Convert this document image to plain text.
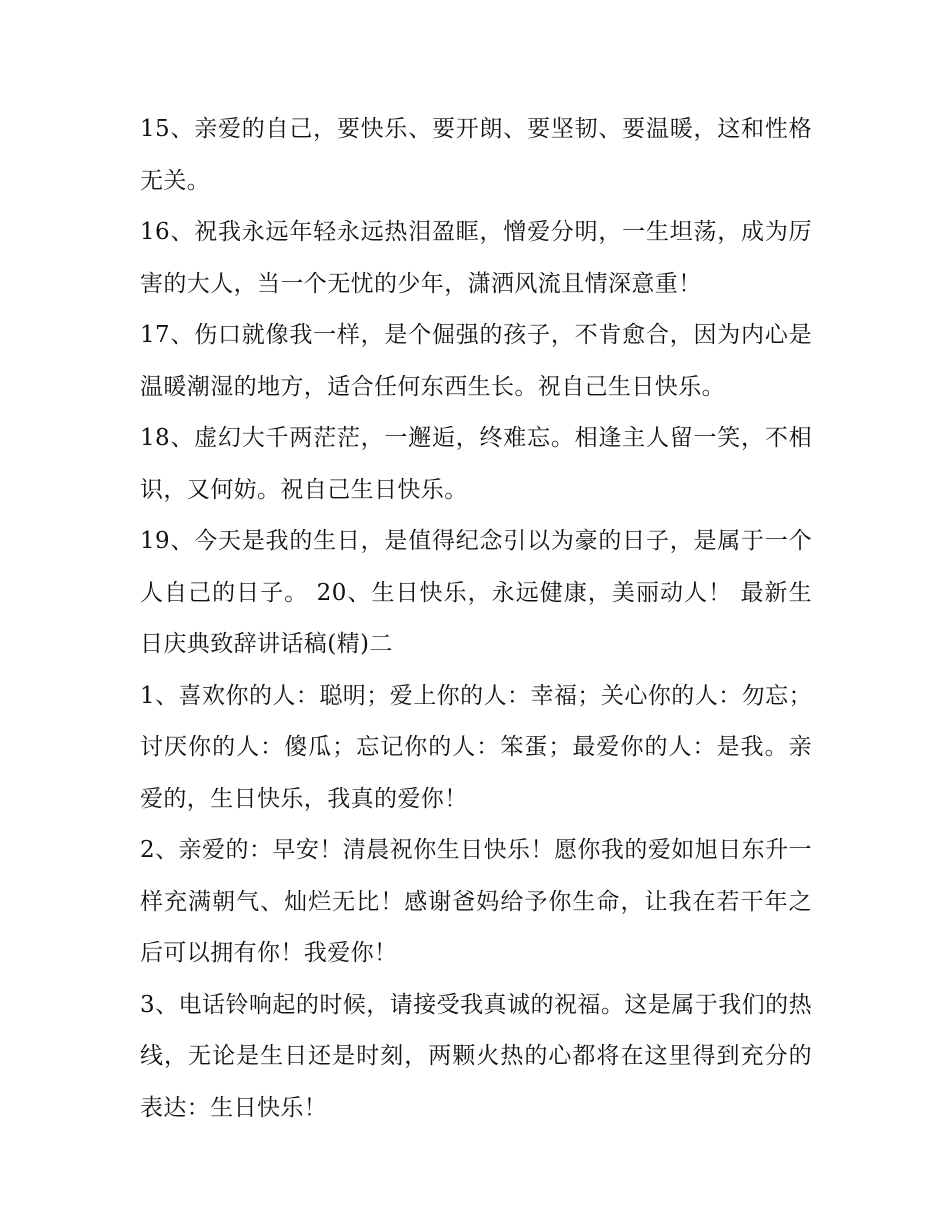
15、亲爱的自己，要快乐、要开朗、要坚韧、要温暖，这和性格无关。

16、祝我永远年轻永远热泪盈眶，憎爱分明，一生坦荡，成为厉害的大人，当一个无忧的少年，潇洒风流且情深意重！

17、伤口就像我一样，是个倔强的孩子，不肯愈合，因为内心是温暖潮湿的地方，适合任何东西生长。祝自己生日快乐。

18、虚幻大千两茫茫，一邂逅，终难忘。相逢主人留一笑，不相识，又何妨。祝自己生日快乐。

19、今天是我的生日，是值得纪念引以为豪的日子，是属于一个人自己的日子。 20、生日快乐，永远健康，美丽动人！ 最新生日庆典致辞讲话稿(精)二

1、喜欢你的人：聪明；爱上你的人：幸福；关心你的人：勿忘；讨厌你的人：傻瓜；忘记你的人：笨蛋；最爱你的人：是我。亲爱的，生日快乐，我真的爱你！

2、亲爱的：早安！清晨祝你生日快乐！愿你我的爱如旭日东升一样充满朝气、灿烂无比！感谢爸妈给予你生命，让我在若干年之后可以拥有你！我爱你！

3、电话铃响起的时候，请接受我真诚的祝福。这是属于我们的热线，无论是生日还是时刻，两颗火热的心都将在这里得到充分的表达：生日快乐！
